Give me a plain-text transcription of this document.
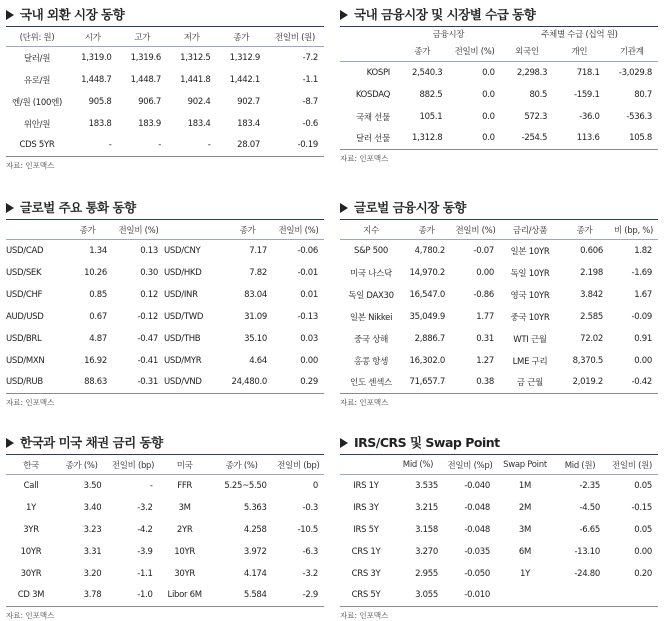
국내 외환 시장 동향
(단위: 원)	시가	고가	저가	종가	전일비 (원)
달러/원	1,319.0	1,319.6	1,312.5	1,312.9	-7.2
유로/원	1,448.7	1,448.7	1,441.8	1,442.1	-1.1
엔/원 (100엔)	905.8	906.7	902.4	902.7	-8.7
위안/원	183.8	183.9	183.4	183.4	-0.6
CDS 5YR	-	-	-	28.07	-0.19
자료: 인포맥스
국내 금융시장 및 시장별 수급 동향
	금융시장		주체별 수급 (십억 원)		
	종가	전일비 (%)	외국인	개인	기관계
KOSPI	2,540.3	0.0	2,298.3	718.1	-3,029.8
KOSDAQ	882.5	0.0	80.5	-159.1	80.7
국채 선물	105.1	0.0	572.3	-36.0	-536.3
달러 선물	1,312.8	0.0	-254.5	113.6	105.8
자료: 인포맥스
글로벌 주요 통화 동향
	종가	전일비 (%)		종가	전일비 (%)
USD/CAD	1.34	0.13	USD/CNY	7.17	-0.06
USD/SEK	10.26	0.30	USD/HKD	7.82	-0.01
USD/CHF	0.85	0.12	USD/INR	83.04	0.01
AUD/USD	0.67	-0.12	USD/TWD	31.09	-0.13
USD/BRL	4.87	-0.47	USD/THB	35.10	0.03
USD/MXN	16.92	-0.41	USD/MYR	4.64	0.00
USD/RUB	88.63	-0.31	USD/VND	24,480.0	0.29
자료: 인포맥스
글로벌 금융시장 동향
지수	종가	전일비 (%)	금리/상품	종가	비 (bp, %)
S&P 500	4,780.2	-0.07	일본 10YR	0.606	1.82
미국 나스닥	14,970.2	0.00	독일 10YR	2.198	-1.69
독일 DAX30	16,547.0	-0.86	영국 10YR	3.842	1.67
일본 Nikkei	35,049.9	1.77	중국 10YR	2.585	-0.09
중국 상해	2,886.7	0.31	WTI 근월	72.02	0.91
홍콩 항셍	16,302.0	1.27	LME 구리	8,370.5	0.00
인도 센섹스	71,657.7	0.38	금 근월	2,019.2	-0.42
자료: 인포맥스
한국과 미국 채권 금리 동향
한국	종가 (%)	전일비 (bp)	미국	종가 (%)	전일비 (bp)
Call	3.50	-	FFR	5.25~5.50	0
1Y	3.40	-3.2	3M	5.363	-0.3
3YR	3.23	-4.2	2YR	4.258	-10.5
10YR	3.31	-3.9	10YR	3.972	-6.3
30YR	3.20	-1.1	30YR	4.174	-3.2
CD 3M	3.78	-1.0	Libor 6M	5.584	-2.9
자료: 인포맥스
IRS/CRS 및 Swap Point
	Mid (%)	전일비 (%p)	Swap Point	Mid (원)	전일비 (원)
IRS 1Y	3.535	-0.040	1M	-2.35	0.05
IRS 3Y	3.215	-0.048	2M	-4.50	-0.15
IRS 5Y	3.158	-0.048	3M	-6.65	0.05
CRS 1Y	3.270	-0.035	6M	-13.10	0.00
CRS 3Y	2.955	-0.050	1Y	-24.80	0.20
CRS 5Y	3.055	-0.010			
자료: 인포맥스
